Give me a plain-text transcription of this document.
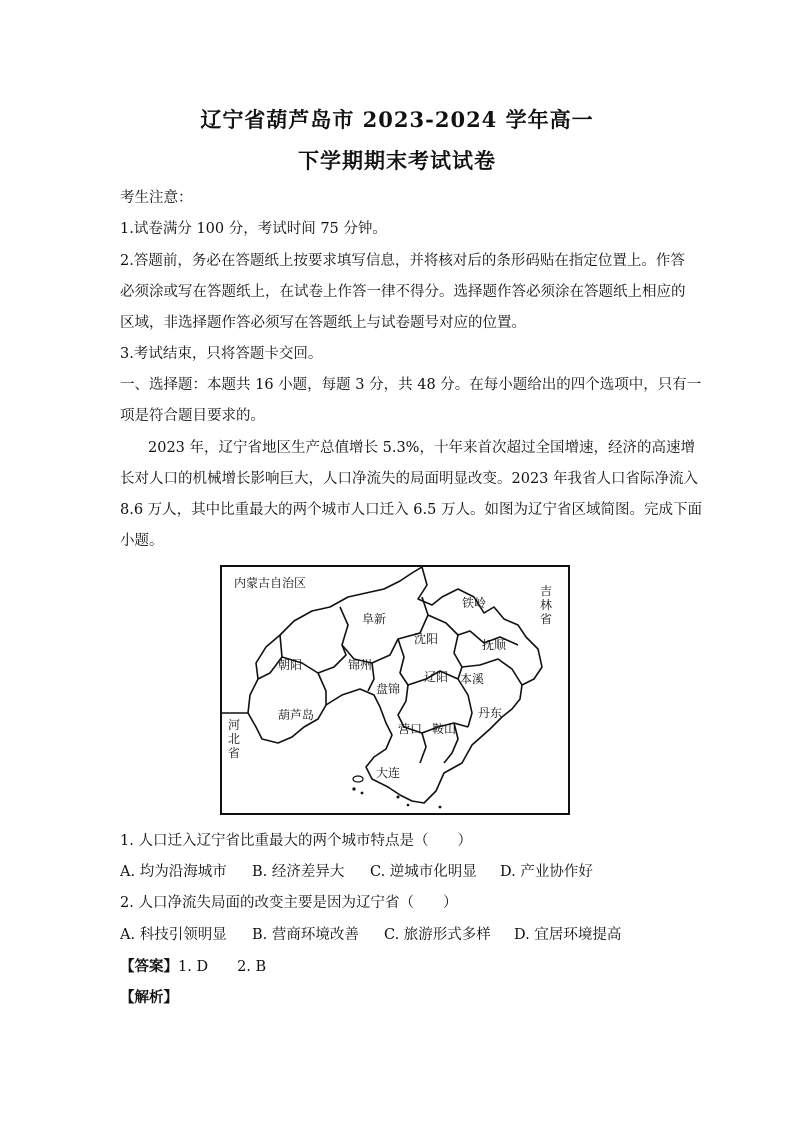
辽宁省葫芦岛市 2023-2024 学年高一
下学期期末考试试卷
考生注意：
1.试卷满分 100 分，考试时间 75 分钟。
2.答题前，务必在答题纸上按要求填写信息，并将核对后的条形码贴在指定位置上。作答
必须涂或写在答题纸上，在试卷上作答一律不得分。选择题作答必须涂在答题纸上相应的
区域，非选择题作答必须写在答题纸上与试卷题号对应的位置。
3.考试结束，只将答题卡交回。
一、选择题：本题共 16 小题，每题 3 分，共 48 分。在每小题给出的四个选项中，只有一
项是符合题目要求的。
2023 年，辽宁省地区生产总值增长 5.3%，十年来首次超过全国增速，经济的高速增
长对人口的机械增长影响巨大，人口净流失的局面明显改变。2023 年我省人口省际净流入
8.6 万人，其中比重最大的两个城市人口迁入 6.5 万人。如图为辽宁省区域简图。完成下面
小题。
内蒙古自治区
吉
林
省
河
北
省
铁岭
阜新
沈阳	抚顺
朝阳	锦州
辽阳 本溪
盘锦
葫芦岛	丹东
营口 鞍山
大连
1. 人口迁入辽宁省比重最大的两个城市特点是（　　）
A. 均为沿海城市 B. 经济差异大 C. 逆城市化明显 D. 产业协作好
2. 人口净流失局面的改变主要是因为辽宁省（　　）
A. 科技引领明显 B. 营商环境改善 C. 旅游形式多样 D. 宜居环境提高
【答案】1. D　　2. B
【解析】
